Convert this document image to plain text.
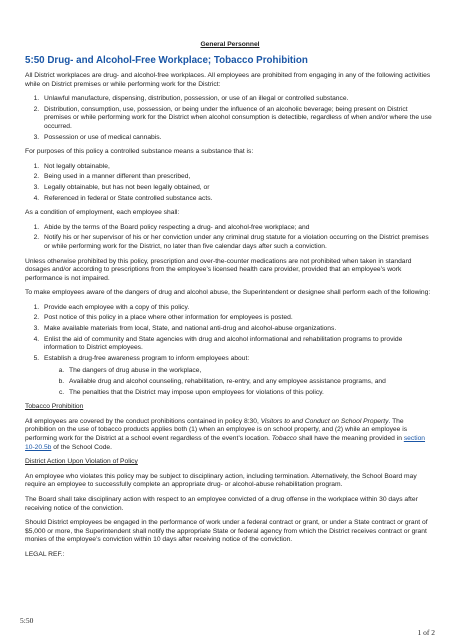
General Personnel
5:50 Drug- and Alcohol-Free Workplace; Tobacco Prohibition

All District workplaces are drug- and alcohol-free workplaces. All employees are prohibited from engaging in any of the following activities while on District premises or while performing work for the District:

1. Unlawful manufacture, dispensing, distribution, possession, or use of an illegal or controlled substance.
2. Distribution, consumption, use, possession, or being under the influence of an alcoholic beverage; being present on District premises or while performing work for the District when alcohol consumption is detectible, regardless of when and/or where the use occurred.
3. Possession or use of medical cannabis.

For purposes of this policy a controlled substance means a substance that is:

1. Not legally obtainable,
2. Being used in a manner different than prescribed,
3. Legally obtainable, but has not been legally obtained, or
4. Referenced in federal or State controlled substance acts.

As a condition of employment, each employee shall:

1. Abide by the terms of the Board policy respecting a drug- and alcohol-free workplace; and
2. Notify his or her supervisor of his or her conviction under any criminal drug statute for a violation occurring on the District premises or while performing work for the District, no later than five calendar days after such a conviction.

Unless otherwise prohibited by this policy, prescription and over-the-counter medications are not prohibited when taken in standard dosages and/or according to prescriptions from the employee’s licensed health care provider, provided that an employee’s work performance is not impaired.

To make employees aware of the dangers of drug and alcohol abuse, the Superintendent or designee shall perform each of the following:

1. Provide each employee with a copy of this policy.
2. Post notice of this policy in a place where other information for employees is posted.
3. Make available materials from local, State, and national anti-drug and alcohol-abuse organizations.
4. Enlist the aid of community and State agencies with drug and alcohol informational and rehabilitation programs to provide information to District employees.
5. Establish a drug-free awareness program to inform employees about:
a. The dangers of drug abuse in the workplace,
b. Available drug and alcohol counseling, rehabilitation, re-entry, and any employee assistance programs, and
c. The penalties that the District may impose upon employees for violations of this policy.
Tobacco Prohibition

All employees are covered by the conduct prohibitions contained in policy 8:30, Visitors to and Conduct on School Property. The prohibition on the use of tobacco products applies both (1) when an employee is on school property, and (2) while an employee is performing work for the District at a school event regardless of the event’s location. Tobacco shall have the meaning provided in section 10-20.5b of the School Code.

District Action Upon Violation of Policy

An employee who violates this policy may be subject to disciplinary action, including termination. Alternatively, the School Board may require an employee to successfully complete an appropriate drug- or alcohol-abuse rehabilitation program.

The Board shall take disciplinary action with respect to an employee convicted of a drug offense in the workplace within 30 days after receiving notice of the conviction.

Should District employees be engaged in the performance of work under a federal contract or grant, or under a State contract or grant of $5,000 or more, the Superintendent shall notify the appropriate State or federal agency from which the District receives contract or grant monies of the employee’s conviction within 10 days after receiving notice of the conviction.

LEGAL REF.:

5:50
1 of 2
